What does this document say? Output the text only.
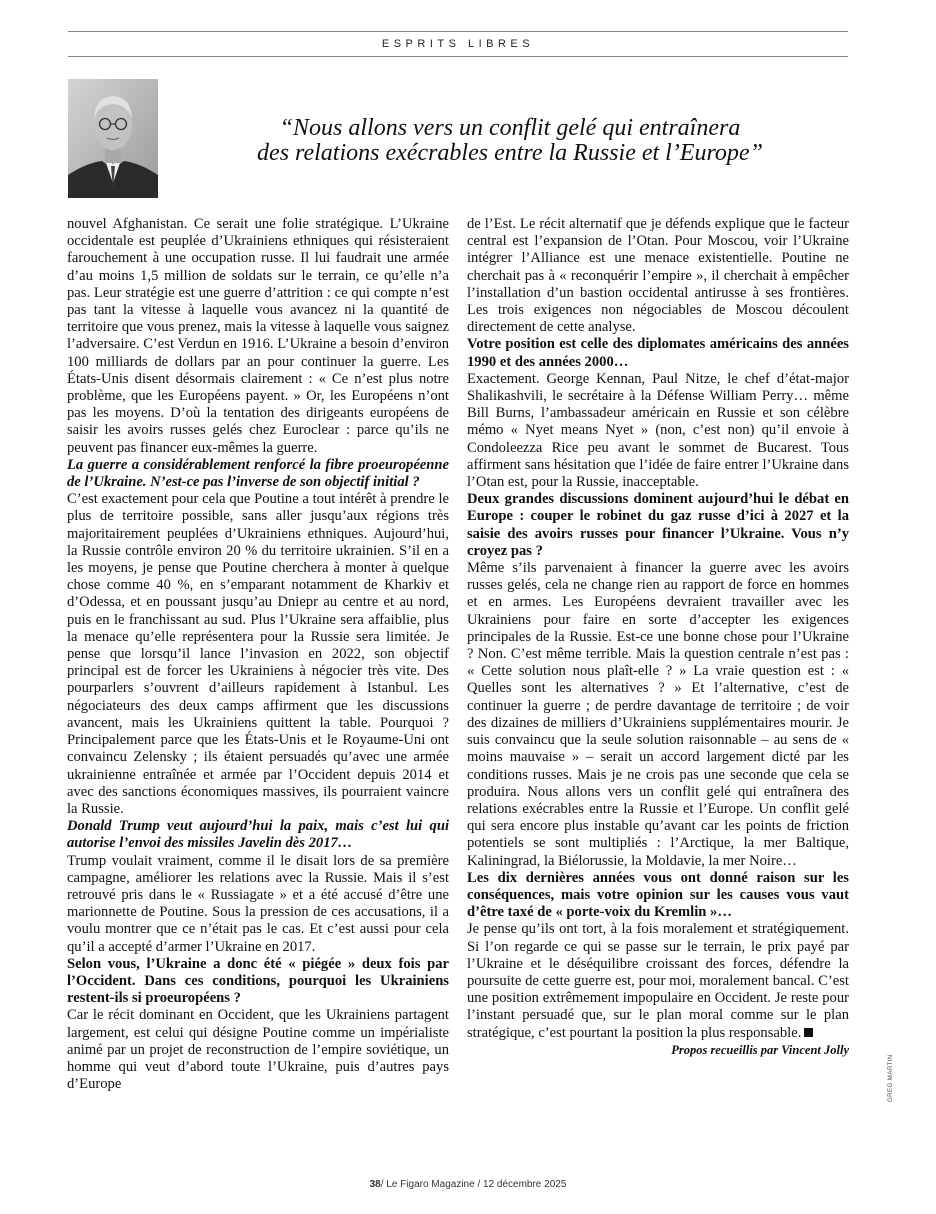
ESPRITS LIBRES
“Nous allons vers un conflit gelé qui entraînera
des relations exécrables entre la Russie et l’Europe”

nouvel Afghanistan. Ce serait une folie stratégique. L’Ukraine occidentale est peuplée d’Ukrainiens ethniques qui résisteraient farouchement à une occupation russe. Il lui faudrait une armée d’au moins 1,5 million de soldats sur le terrain, ce qu’elle n’a pas. Leur stratégie est une guerre d’attrition : ce qui compte n’est pas tant la vitesse à laquelle vous avancez ni la quantité de territoire que vous prenez, mais la vitesse à laquelle vous saignez l’adversaire. C’est Verdun en 1916. L’Ukraine a besoin d’environ 100 milliards de dollars par an pour continuer la guerre. Les États-Unis disent désormais clairement : « Ce n’est plus notre problème, que les Européens payent. » Or, les Européens n’ont pas les moyens. D’où la tentation des dirigeants européens de saisir les avoirs russes gelés chez Euroclear : parce qu’ils ne peuvent pas financer eux-mêmes la guerre.

La guerre a considérablement renforcé la fibre proeuropéenne de l’Ukraine. N’est-ce pas l’inverse de son objectif initial ?

C’est exactement pour cela que Poutine a tout intérêt à prendre le plus de territoire possible, sans aller jusqu’aux régions très majoritairement peuplées d’Ukrainiens ethniques. Aujourd’hui, la Russie contrôle environ 20 % du territoire ukrainien. S’il en a les moyens, je pense que Poutine cherchera à monter à quelque chose comme 40 %, en s’emparant notamment de Kharkiv et d’Odessa, et en poussant jusqu’au Dniepr au centre et au nord, puis en le franchissant au sud. Plus l’Ukraine sera affaiblie, plus la menace qu’elle représentera pour la Russie sera limitée. Je pense que lorsqu’il lance l’invasion en 2022, son objectif principal est de forcer les Ukrainiens à négocier très vite. Des pourparlers s’ouvrent d’ailleurs rapidement à Istanbul. Les négociateurs des deux camps affirment que les discussions avancent, mais les Ukrainiens quittent la table. Pourquoi ? Principalement parce que les États-Unis et le Royaume-Uni ont convaincu Zelensky ; ils étaient persuadés qu’avec une armée ukrainienne entraînée et armée par l’Occident depuis 2014 et avec des sanctions économiques massives, ils pourraient vaincre la Russie.

Donald Trump veut aujourd’hui la paix, mais c’est lui qui autorise l’envoi des missiles Javelin dès 2017…

Trump voulait vraiment, comme il le disait lors de sa première campagne, améliorer les relations avec la Russie. Mais il s’est retrouvé pris dans le « Russiagate » et a été accusé d’être une marionnette de Poutine. Sous la pression de ces accusations, il a voulu montrer que ce n’était pas le cas. Et c’est aussi pour cela qu’il a accepté d’armer l’Ukraine en 2017.

Selon vous, l’Ukraine a donc été « piégée » deux fois par l’Occident. Dans ces conditions, pourquoi les Ukrainiens restent-ils si proeuropéens ?

Car le récit dominant en Occident, que les Ukrainiens partagent largement, est celui qui désigne Poutine comme un impérialiste animé par un projet de reconstruction de l’empire soviétique, un homme qui veut d’abord toute l’Ukraine, puis d’autres pays d’Europe

de l’Est. Le récit alternatif que je défends explique que le facteur central est l’expansion de l’Otan. Pour Moscou, voir l’Ukraine intégrer l’Alliance est une menace existentielle. Poutine ne cherchait pas à « reconquérir l’empire », il cherchait à empêcher l’installation d’un bastion occidental antirusse à ses frontières. Les trois exigences non négociables de Moscou découlent directement de cette analyse.

Votre position est celle des diplomates américains des années 1990 et des années 2000…

Exactement. George Kennan, Paul Nitze, le chef d’état-major Shalikashvili, le secrétaire à la Défense William Perry… même Bill Burns, l’ambassadeur américain en Russie et son célèbre mémo « Nyet means Nyet » (non, c’est non) qu’il envoie à Condoleezza Rice peu avant le sommet de Bucarest. Tous affirment sans hésitation que l’idée de faire entrer l’Ukraine dans l’Otan est, pour la Russie, inacceptable.

Deux grandes discussions dominent aujourd’hui le débat en Europe : couper le robinet du gaz russe d’ici à 2027 et la saisie des avoirs russes pour financer l’Ukraine. Vous n’y croyez pas ?

Même s’ils parvenaient à financer la guerre avec les avoirs russes gelés, cela ne change rien au rapport de force en hommes et en armes. Les Européens devraient travailler avec les Ukrainiens pour faire en sorte d’accepter les exigences principales de la Russie. Est-ce une bonne chose pour l’Ukraine ? Non. C’est même terrible. Mais la question centrale n’est pas : « Cette solution nous plaît-elle ? » La vraie question est : « Quelles sont les alternatives ? » Et l’alternative, c’est de continuer la guerre ; de perdre davantage de territoire ; de voir des dizaines de milliers d’Ukrainiens supplémentaires mourir. Je suis convaincu que la seule solution raisonnable – au sens de « moins mauvaise » – serait un accord largement dicté par les conditions russes. Mais je ne crois pas une seconde que cela se produira. Nous allons vers un conflit gelé qui entraînera des relations exécrables entre la Russie et l’Europe. Un conflit gelé qui sera encore plus instable qu’avant car les points de friction potentiels se sont multipliés : l’Arctique, la mer Baltique, Kaliningrad, la Biélorussie, la Moldavie, la mer Noire…

Les dix dernières années vous ont donné raison sur les conséquences, mais votre opinion sur les causes vous vaut d’être taxé de « porte-voix du Kremlin »…

Je pense qu’ils ont tort, à la fois moralement et stratégiquement. Si l’on regarde ce qui se passe sur le terrain, le prix payé par l’Ukraine et le déséquilibre croissant des forces, défendre la poursuite de cette guerre est, pour moi, moralement bancal. C’est une position extrêmement impopulaire en Occident. Je reste pour l’instant persuadé que, sur le plan moral comme sur le plan stratégique, c’est pourtant la position la plus responsable.

Propos recueillis par Vincent Jolly

GREG MARTIN
38/ Le Figaro Magazine / 12 décembre 2025
